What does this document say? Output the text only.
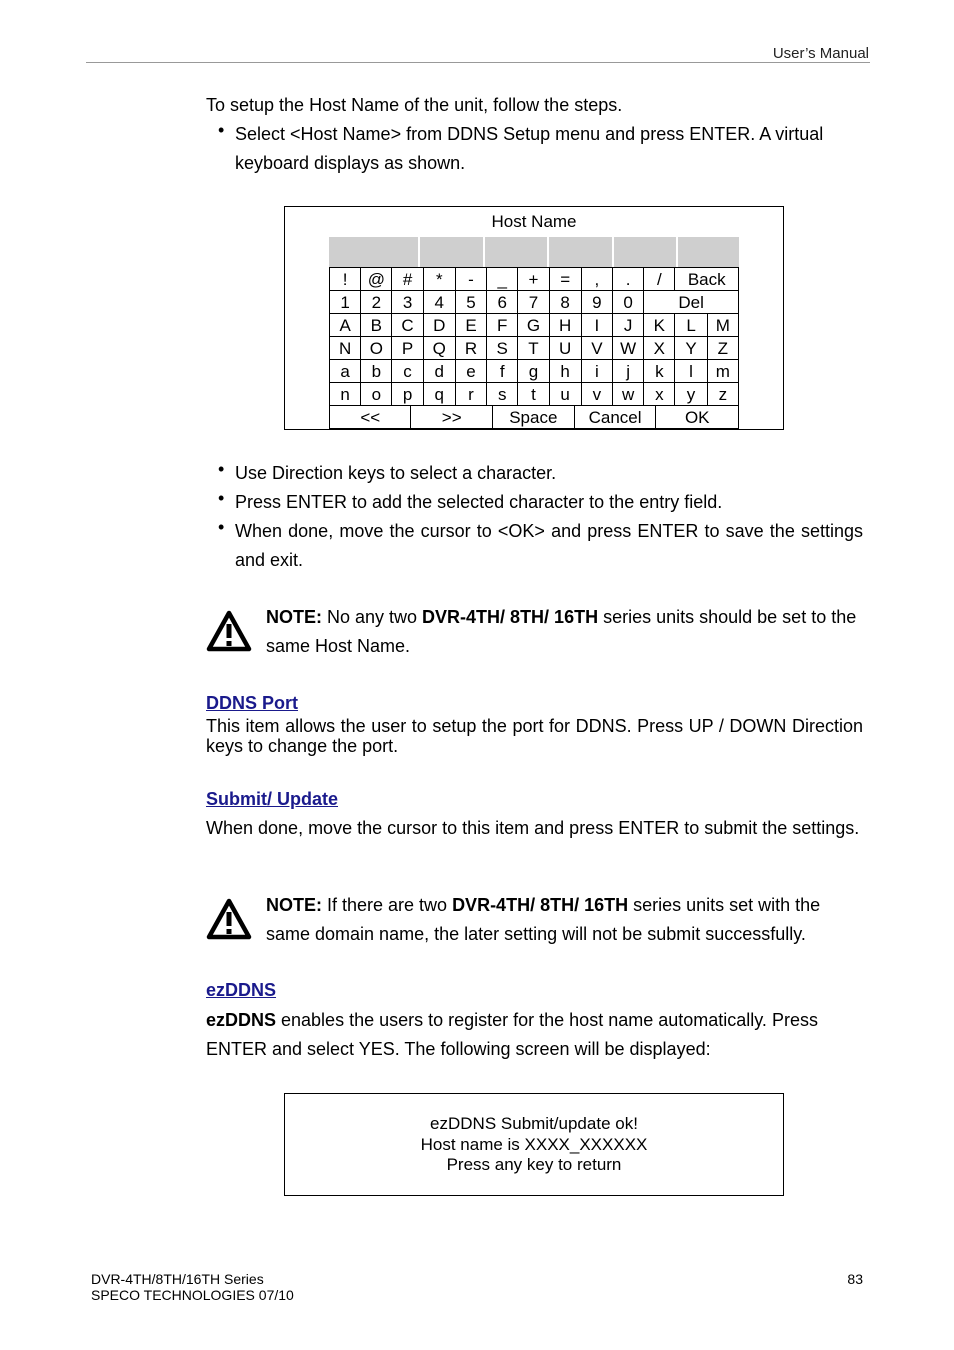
User’s Manual
To setup the Host Name of the unit, follow the steps.
• Select <Host Name> from DDNS Setup menu and press ENTER. A virtual keyboard displays as shown.
Host Name

!	@	#	*	-	_	+	=	,	.	/	Back	
1	2	3	4	5	6	7	8	9	0	Del		
A	B	C	D	E	F	G	H	I	J	K	L	M
N	O	P	Q	R	S	T	U	V	W	X	Y	Z
a	b	c	d	e	f	g	h	i	j	k	l	m
n	o	p	q	r	s	t	u	v	w	x	y	z
<<	>>	Space	Cancel	OK
• Use Direction keys to select a character.
• Press ENTER to add the selected character to the entry field.
• When done, move the cursor to <OK> and press ENTER to save the settings and exit.
NOTE: No any two DVR-4TH/ 8TH/ 16TH series units should be set to the same Host Name.
DDNS Port
This item allows the user to setup the port for DDNS. Press UP / DOWN Direction keys to change the port.
Submit/ Update
When done, move the cursor to this item and press ENTER to submit the settings.
NOTE: If there are two DVR-4TH/ 8TH/ 16TH series units set with the same domain name, the later setting will not be submit successfully.
ezDDNS
ezDDNS enables the users to register for the host name automatically. Press ENTER and select YES. The following screen will be displayed:
ezDDNS Submit/update ok!
Host name is XXXX_XXXXXX
Press any key to return
DVR-4TH/8TH/16TH Series
SPECO TECHNOLOGIES 07/10
83
